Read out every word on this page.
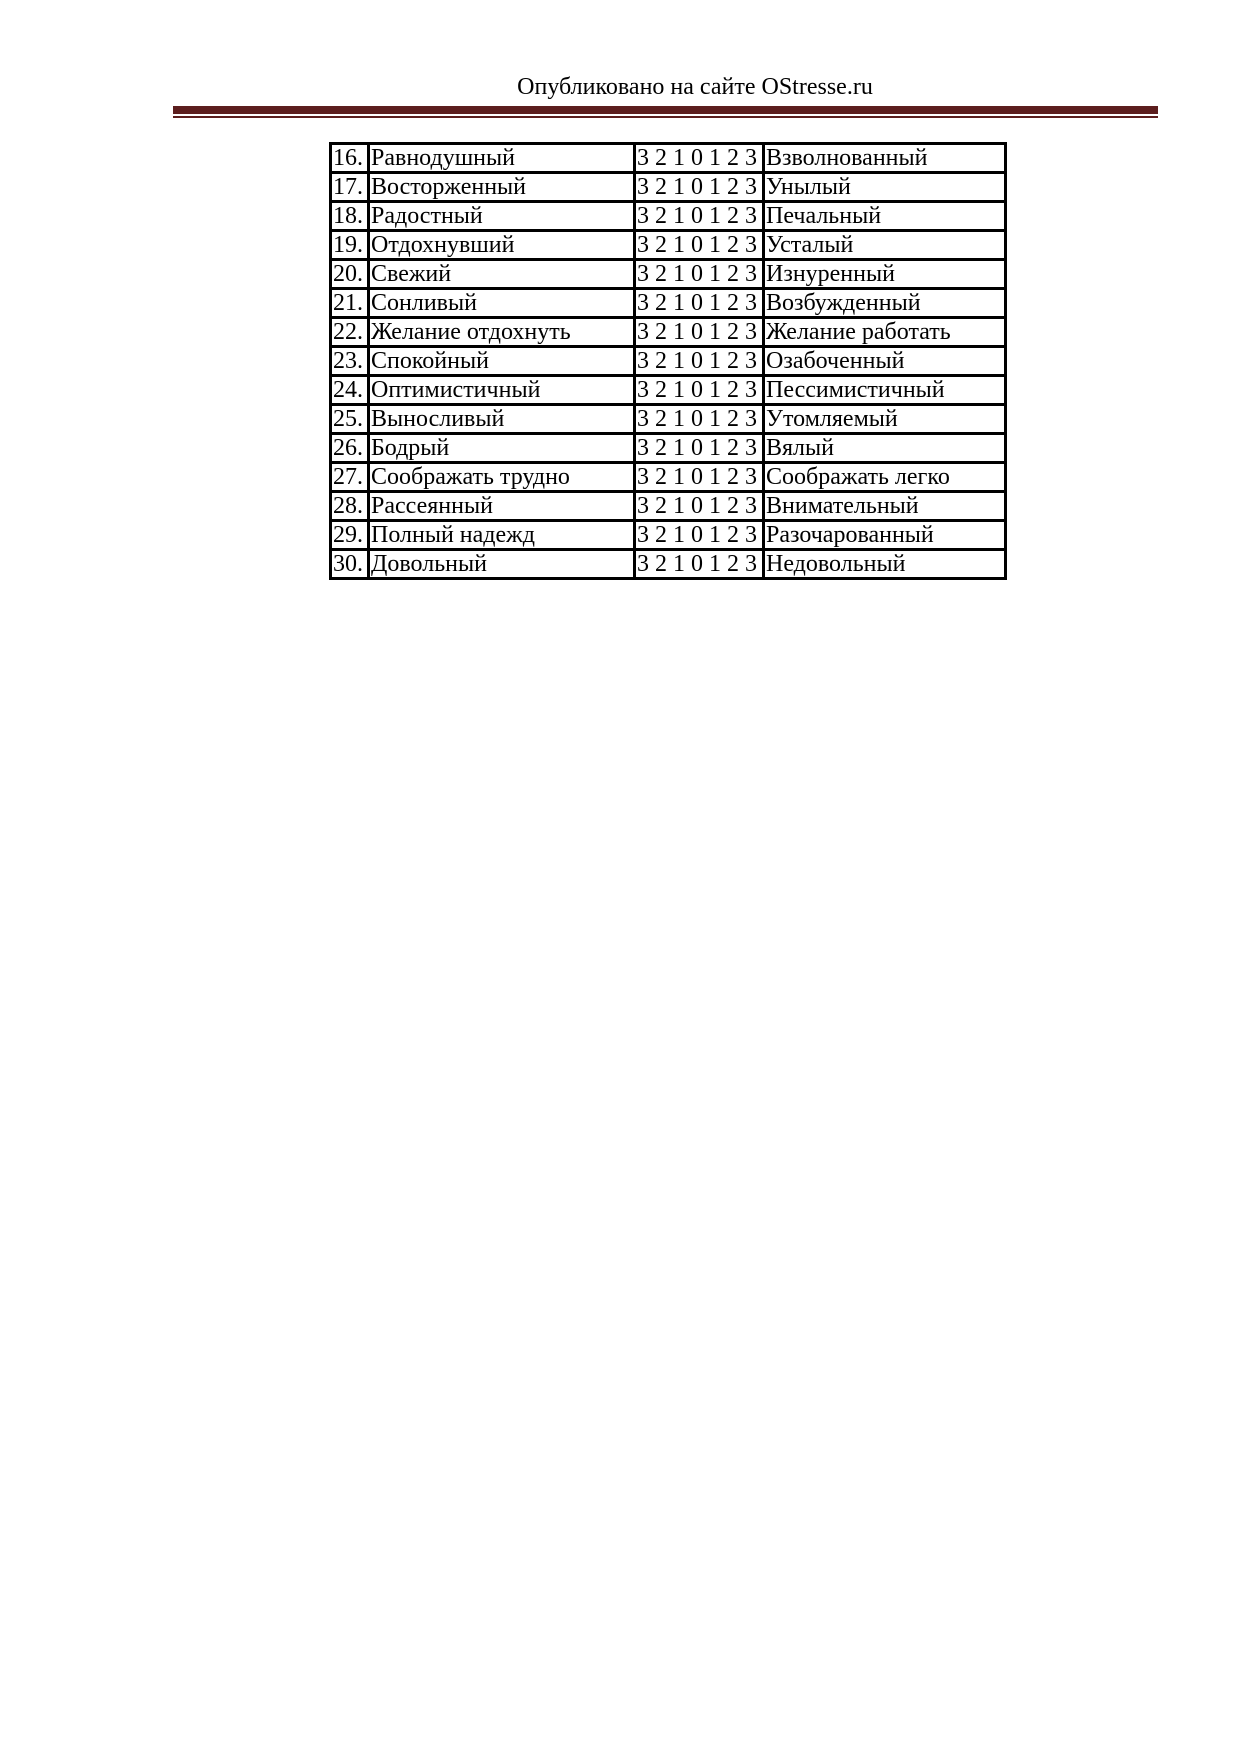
Опубликовано на сайте OStresse.ru
16.	Равнодушный	3 2 1 0 1 2 3	Взволнованный
17.	Восторженный	3 2 1 0 1 2 3	Унылый
18.	Радостный	3 2 1 0 1 2 3	Печальный
19.	Отдохнувший	3 2 1 0 1 2 3	Усталый
20.	Свежий	3 2 1 0 1 2 3	Изнуренный
21.	Сонливый	3 2 1 0 1 2 3	Возбужденный
22.	Желание отдохнуть	3 2 1 0 1 2 3	Желание работать
23.	Спокойный	3 2 1 0 1 2 3	Озабоченный
24.	Оптимистичный	3 2 1 0 1 2 3	Пессимистичный
25.	Выносливый	3 2 1 0 1 2 3	Утомляемый
26.	Бодрый	3 2 1 0 1 2 3	Вялый
27.	Соображать трудно	3 2 1 0 1 2 3	Соображать легко
28.	Рассеянный	3 2 1 0 1 2 3	Внимательный
29.	Полный надежд	3 2 1 0 1 2 3	Разочарованный
30.	Довольный	3 2 1 0 1 2 3	Недовольный
